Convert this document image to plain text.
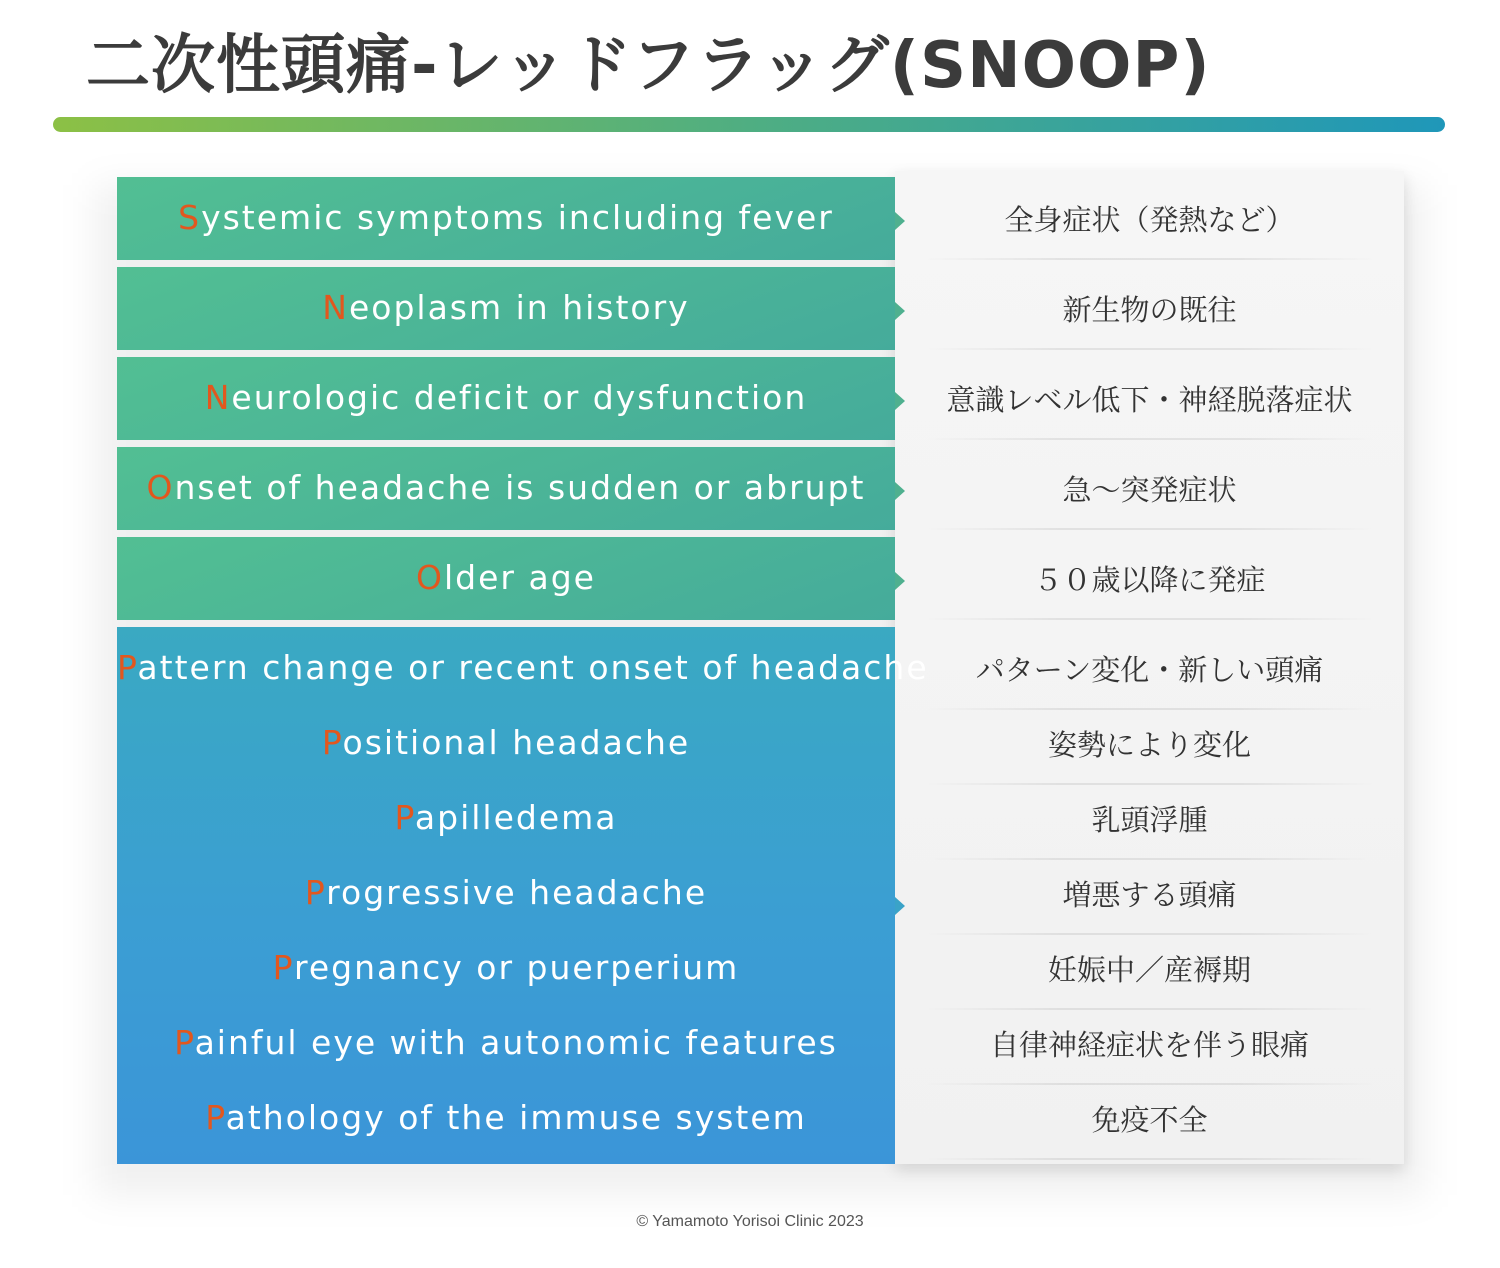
二次性頭痛-レッドフラッグ(SNOOP)
Systemic symptoms including fever
Neoplasm in history
Neurologic deficit or dysfunction
Onset of headache is sudden or abrupt
Older age
Pattern change or recent onset of headache
Positional headache
Papilledema
Progressive headache
Pregnancy or puerperium
Painful eye with autonomic features
Pathology of the immuse system
全身症状（発熱など）
新生物の既往
意識レベル低下・神経脱落症状
急〜突発症状
５０歳以降に発症
パターン変化・新しい頭痛
姿勢により変化
乳頭浮腫
増悪する頭痛
妊娠中／産褥期
自律神経症状を伴う眼痛
免疫不全
© Yamamoto Yorisoi Clinic 2023
